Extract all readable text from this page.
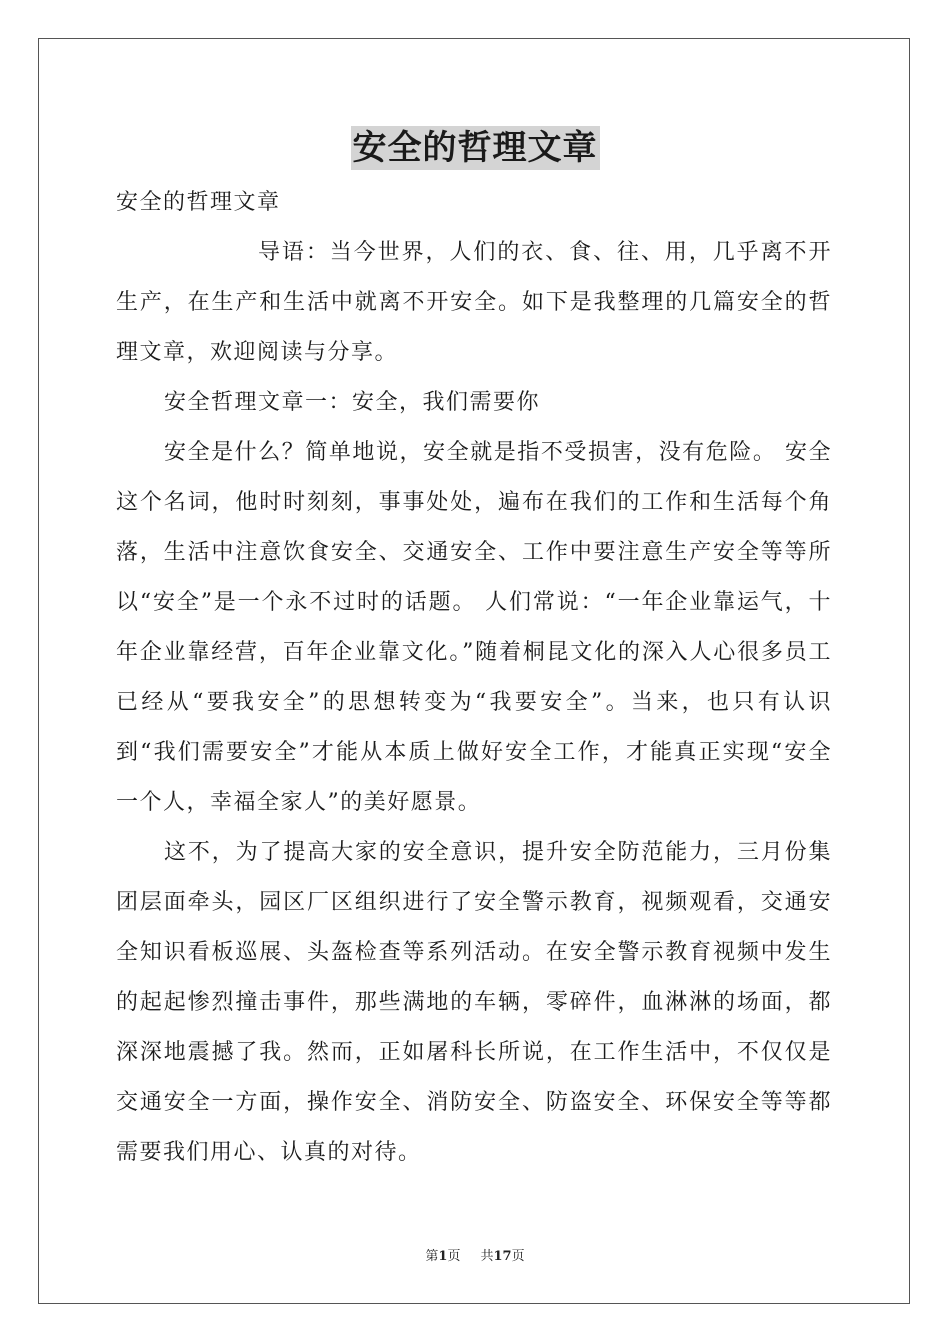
安全的哲理文章

安全的哲理文章

导语：当今世界，人们的衣、食、往、用，几乎离不开生产，在生产和生活中就离不开安全。如下是我整理的几篇安全的哲理文章，欢迎阅读与分享。

安全哲理文章一：安全，我们需要你

安全是什么？简单地说，安全就是指不受损害，没有危险。 安全这个名词，他时时刻刻，事事处处，遍布在我们的工作和生活每个角落，生活中注意饮食安全、交通安全、工作中要注意生产安全等等所以“安全”是一个永不过时的话题。 人们常说：“一年企业靠运气，十年企业靠经营，百年企业靠文化。”随着桐昆文化的深入人心很多员工已经从“要我安全”的思想转变为“我要安全”。当来，也只有认识到“我们需要安全”才能从本质上做好安全工作，才能真正实现“安全一个人，幸福全家人”的美好愿景。

这不，为了提高大家的安全意识，提升安全防范能力，三月份集团层面牵头，园区厂区组织进行了安全警示教育，视频观看，交通安全知识看板巡展、头盔检查等系列活动。在安全警示教育视频中发生的起起惨烈撞击事件，那些满地的车辆，零碎件，血淋淋的场面，都深深地震撼了我。然而，正如屠科长所说，在工作生活中，不仅仅是交通安全一方面，操作安全、消防安全、防盗安全、环保安全等等都需要我们用心、认真的对待。

第1页 共17页
